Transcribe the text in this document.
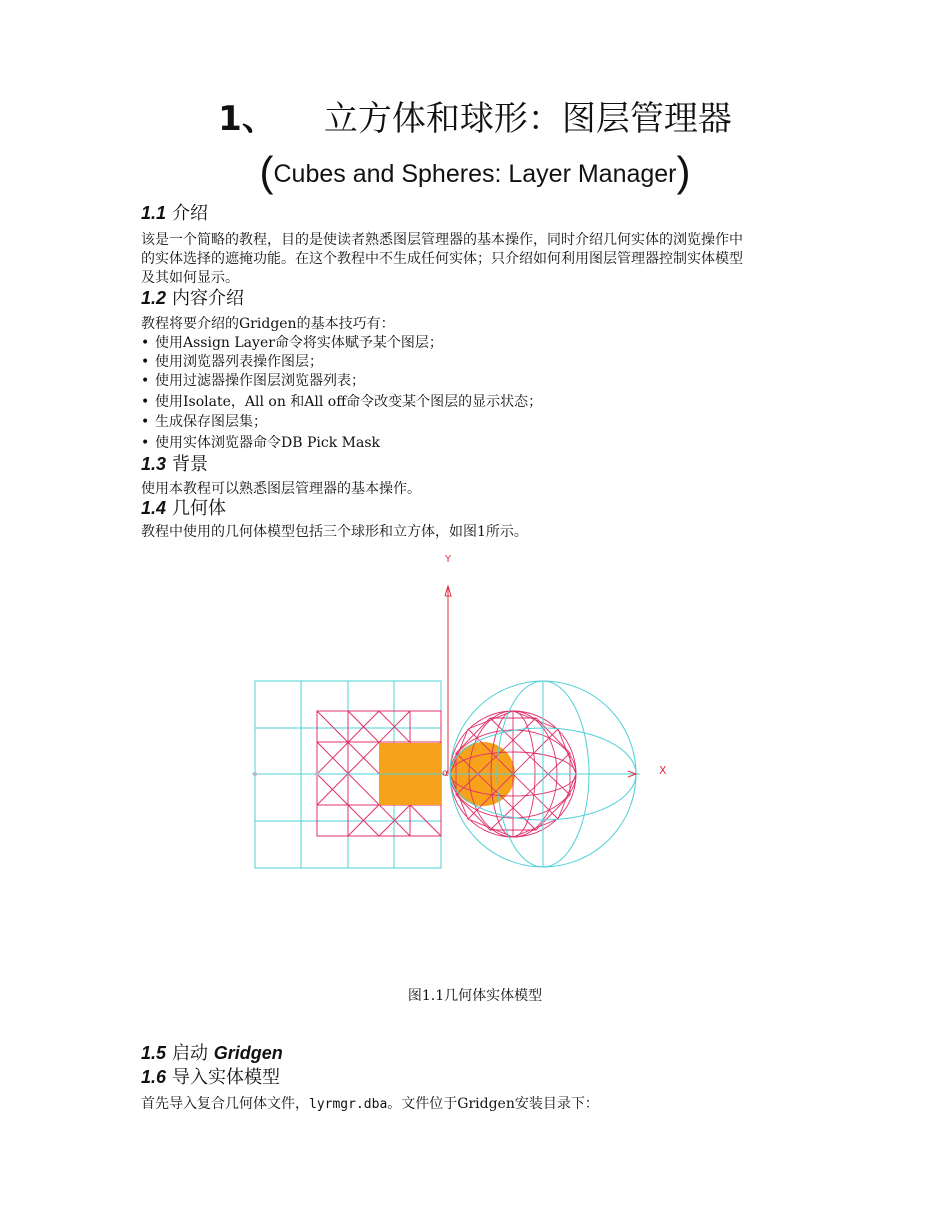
1、 立方体和球形：图层管理器
(Cubes and Spheres: Layer Manager)
1.1 介绍
该是一个简略的教程，目的是使读者熟悉图层管理器的基本操作，同时介绍几何实体的浏览操作中
的实体选择的遮掩功能。在这个教程中不生成任何实体；只介绍如何利用图层管理器控制实体模型
及其如何显示。
1.2 内容介绍
教程将要介绍的Gridgen的基本技巧有：
• 使用Assign Layer命令将实体赋予某个图层；
• 使用浏览器列表操作图层；
• 使用过滤器操作图层浏览器列表；
• 使用Isolate，All on 和All off命令改变某个图层的显示状态；
• 生成保存图层集；
• 使用实体浏览器命令DB Pick Mask
1.3 背景
使用本教程可以熟悉图层管理器的基本操作。
1.4 几何体
教程中使用的几何体模型包括三个球形和立方体，如图1所示。
Y
X
α
图1.1几何体实体模型
1.5 启动 Gridgen
1.6 导入实体模型
首先导入复合几何体文件，lyrmgr.dba。文件位于Gridgen安装目录下：
